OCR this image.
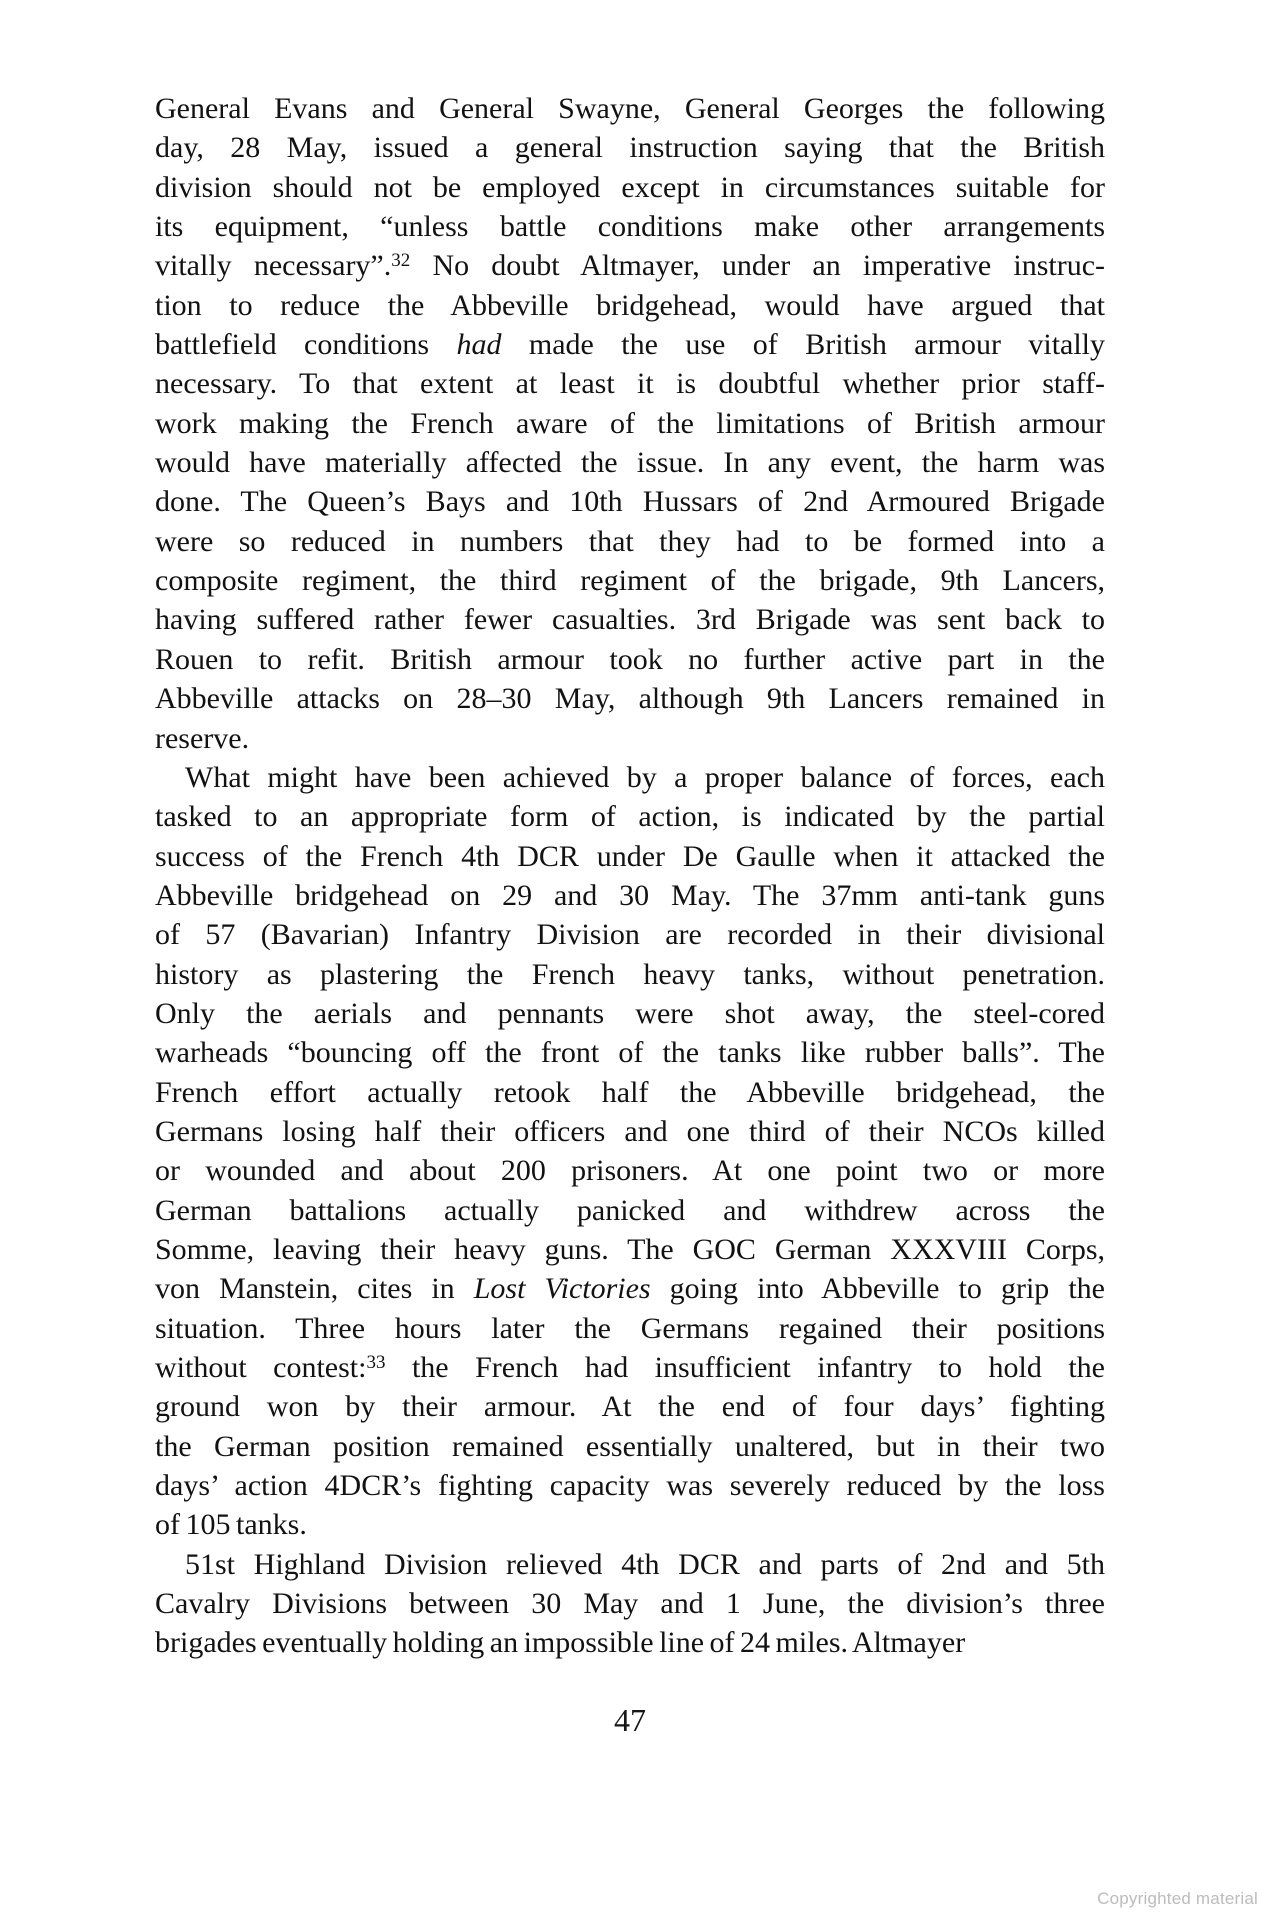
General Evans and General Swayne, General Georges the following
day, 28 May, issued a general instruction saying that the British
division should not be employed except in circumstances suitable for
its equipment, “unless battle conditions make other arrangements
vitally necessary”.$^{32}$ No doubt Altmayer, under an imperative instruc-
tion to reduce the Abbeville bridgehead, would have argued that
battlefield conditions had made the use of British armour vitally
necessary. To that extent at least it is doubtful whether prior staff-
work making the French aware of the limitations of British armour
would have materially affected the issue. In any event, the harm was
done. The Queen’s Bays and 10th Hussars of 2nd Armoured Brigade
were so reduced in numbers that they had to be formed into a
composite regiment, the third regiment of the brigade, 9th Lancers,
having suffered rather fewer casualties. 3rd Brigade was sent back to
Rouen to refit. British armour took no further active part in the
Abbeville attacks on 28–30 May, although 9th Lancers remained in
reserve.
What might have been achieved by a proper balance of forces, each
tasked to an appropriate form of action, is indicated by the partial
success of the French 4th DCR under De Gaulle when it attacked the
Abbeville bridgehead on 29 and 30 May. The 37mm anti-tank guns
of 57 (Bavarian) Infantry Division are recorded in their divisional
history as plastering the French heavy tanks, without penetration.
Only the aerials and pennants were shot away, the steel-cored
warheads “bouncing off the front of the tanks like rubber balls”. The
French effort actually retook half the Abbeville bridgehead, the
Germans losing half their officers and one third of their NCOs killed
or wounded and about 200 prisoners. At one point two or more
German battalions actually panicked and withdrew across the
Somme, leaving their heavy guns. The GOC German XXXVIII Corps,
von Manstein, cites in Lost Victories going into Abbeville to grip the
situation. Three hours later the Germans regained their positions
without contest:$^{33}$ the French had insufficient infantry to hold the
ground won by their armour. At the end of four days’ fighting
the German position remained essentially unaltered, but in their two
days’ action 4DCR’s fighting capacity was severely reduced by the loss
of 105 tanks.
51st Highland Division relieved 4th DCR and parts of 2nd and 5th
Cavalry Divisions between 30 May and 1 June, the division’s three
brigades eventually holding an impossible line of 24 miles. Altmayer
47
Copyrighted material
